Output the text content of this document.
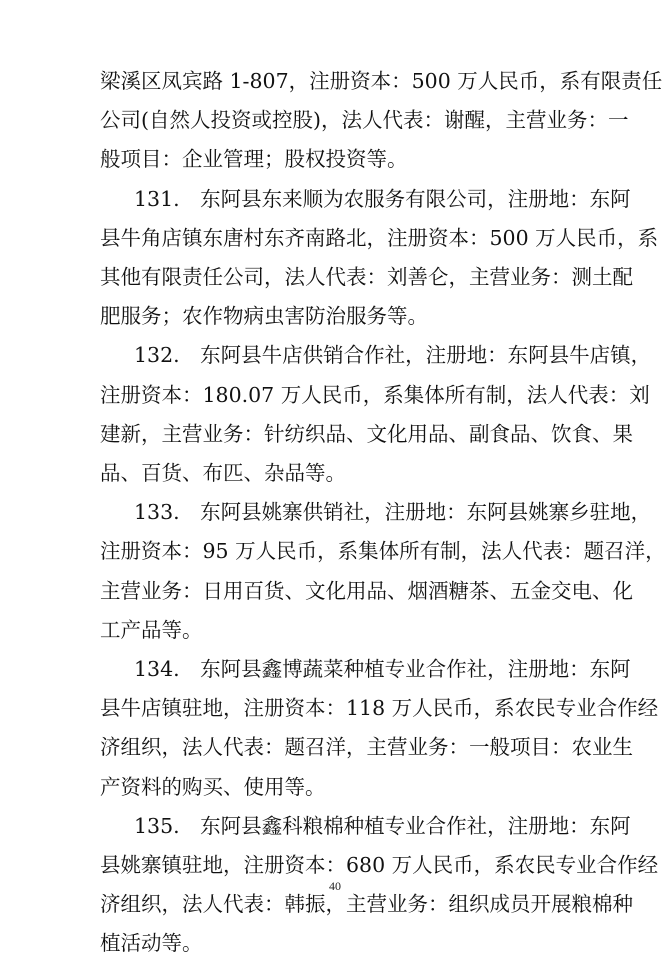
梁溪区凤宾路 1-807，注册资本：500 万人民币，系有限责任
公司(自然人投资或控股)，法人代表：谢醒，主营业务：一
般项目：企业管理；股权投资等。
131.　东阿县东来顺为农服务有限公司，注册地：东阿
县牛角店镇东唐村东齐南路北，注册资本：500 万人民币，系
其他有限责任公司，法人代表：刘善仑，主营业务：测土配
肥服务；农作物病虫害防治服务等。
132.　东阿县牛店供销合作社，注册地：东阿县牛店镇，
注册资本：180.07 万人民币，系集体所有制，法人代表：刘
建新，主营业务：针纺织品、文化用品、副食品、饮食、果
品、百货、布匹、杂品等。
133.　东阿县姚寨供销社，注册地：东阿县姚寨乡驻地，
注册资本：95 万人民币，系集体所有制，法人代表：题召洋，
主营业务：日用百货、文化用品、烟酒糖茶、五金交电、化
工产品等。
134.　东阿县鑫博蔬菜种植专业合作社，注册地：东阿
县牛店镇驻地，注册资本：118 万人民币，系农民专业合作经
济组织，法人代表：题召洋，主营业务：一般项目：农业生
产资料的购买、使用等。
135.　东阿县鑫科粮棉种植专业合作社，注册地：东阿
县姚寨镇驻地，注册资本：680 万人民币，系农民专业合作经
济组织，法人代表：韩振，主营业务：组织成员开展粮棉种
植活动等。
40
